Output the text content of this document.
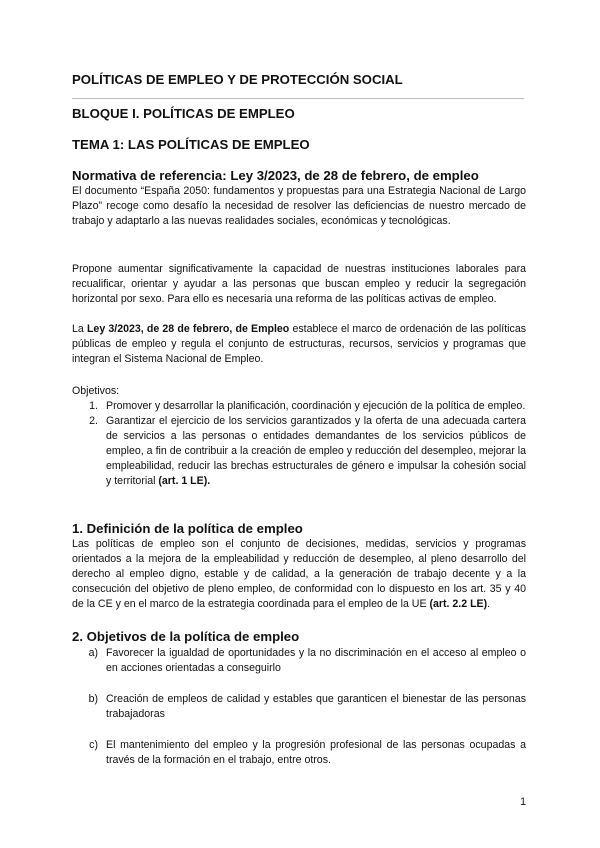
POLÍTICAS DE EMPLEO Y DE PROTECCIÓN SOCIAL

BLOQUE I. POLÍTICAS DE EMPLEO

TEMA 1: LAS POLÍTICAS DE EMPLEO

Normativa de referencia: Ley 3/2023, de 28 de febrero, de empleo

El documento “España 2050: fundamentos y propuestas para una Estrategia Nacional de Largo Plazo” recoge como desafío la necesidad de resolver las deficiencias de nuestro mercado de trabajo y adaptarlo a las nuevas realidades sociales, económicas y tecnológicas.

Propone aumentar significativamente la capacidad de nuestras instituciones laborales para recualificar, orientar y ayudar a las personas que buscan empleo y reducir la segregación horizontal por sexo. Para ello es necesaria una reforma de las políticas activas de empleo.

La Ley 3/2023, de 28 de febrero, de Empleo establece el marco de ordenación de las políticas públicas de empleo y regula el conjunto de estructuras, recursos, servicios y programas que integran el Sistema Nacional de Empleo.

Objetivos:

1. Promover y desarrollar la planificación, coordinación y ejecución de la política de empleo.
2. Garantizar el ejercicio de los servicios garantizados y la oferta de una adecuada cartera de servicios a las personas o entidades demandantes de los servicios públicos de empleo, a fin de contribuir a la creación de empleo y reducción del desempleo, mejorar la empleabilidad, reducir las brechas estructurales de género e impulsar la cohesión social y territorial (art. 1 LE).

1. Definición de la política de empleo

Las políticas de empleo son el conjunto de decisiones, medidas, servicios y programas orientados a la mejora de la empleabilidad y reducción de desempleo, al pleno desarrollo del derecho al empleo digno, estable y de calidad, a la generación de trabajo decente y a la consecución del objetivo de pleno empleo, de conformidad con lo dispuesto en los art. 35 y 40 de la CE y en el marco de la estrategia coordinada para el empleo de la UE (art. 2.2 LE).

2. Objetivos de la política de empleo

a) Favorecer la igualdad de oportunidades y la no discriminación en el acceso al empleo o en acciones orientadas a conseguirlo
b) Creación de empleos de calidad y estables que garanticen el bienestar de las personas trabajadoras
c) El mantenimiento del empleo y la progresión profesional de las personas ocupadas a través de la formación en el trabajo, entre otros.

1
